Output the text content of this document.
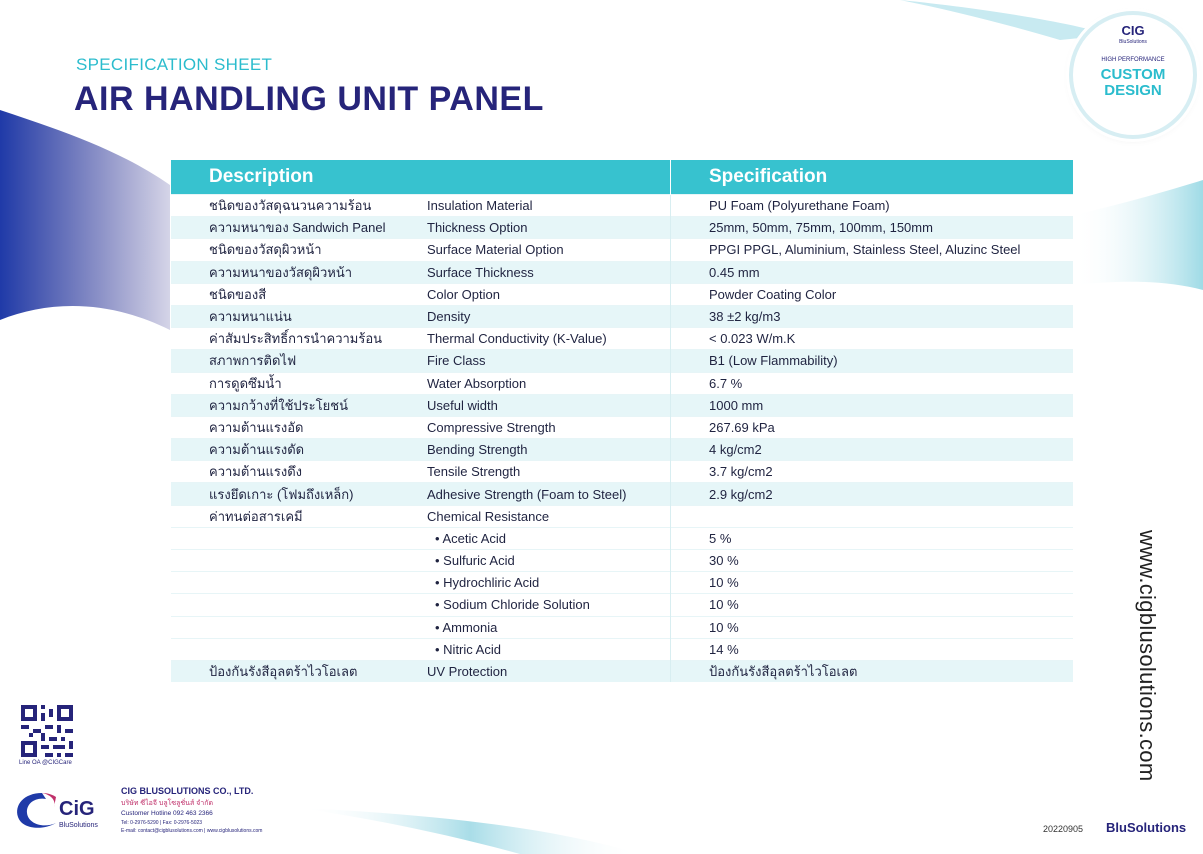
SPECIFICATION SHEET
AIR HANDLING UNIT PANEL
CIG
BluSolutions
HIGH PERFORMANCE
CUSTOM
DESIGN
Description		Specification
ชนิดของวัสดุฉนวนความร้อน	Insulation Material	PU Foam (Polyurethane Foam)
ความหนาของ Sandwich Panel	Thickness Option	25mm, 50mm, 75mm, 100mm, 150mm
ชนิดของวัสดุผิวหน้า	Surface Material Option	PPGI PPGL, Aluminium, Stainless Steel, Aluzinc Steel
ความหนาของวัสดุผิวหน้า	Surface Thickness	0.45 mm
ชนิดของสี	Color Option	Powder Coating Color
ความหนาแน่น	Density	38 ±2 kg/m3
ค่าสัมประสิทธิ์การนำความร้อน	Thermal Conductivity (K-Value)	< 0.023 W/m.K
สภาพการติดไฟ	Fire Class	B1 (Low Flammability)
การดูดซึมน้ำ	Water Absorption	6.7 %
ความกว้างที่ใช้ประโยชน์	Useful width	1000 mm
ความต้านแรงอัด	Compressive Strength	267.69 kPa
ความต้านแรงดัด	Bending Strength	4 kg/cm2
ความต้านแรงดึง	Tensile Strength	3.7 kg/cm2
แรงยึดเกาะ (โฟมถึงเหล็ก)	Adhesive Strength (Foam to Steel)	2.9 kg/cm2
ค่าทนต่อสารเคมี	Chemical Resistance	
	• Acetic Acid	5 %
	• Sulfuric Acid	30 %
	• Hydrochliric Acid	10 %
	• Sodium Chloride Solution	10 %
	• Ammonia	10 %
	• Nitric Acid	14 %
ป้องกันรังสีอุลตร้าไวโอเลต	UV Protection	ป้องกันรังสีอุลตร้าไวโอเลต	www.cigblusolutions.com
Line OA @CIGCare
CiG
BluSolutions
CIG BLUSOLUTIONS CO., LTD.
บริษัท ซีไอจี บลูโซลูชั่นส์ จำกัด
Customer Hotline 092 463 2366
Tel: 0-2976-5290 | Fax: 0-2976-5023
E-mail: contact@cigblusolutions.com | www.cigblusolutions.com	20220905 BluSolutions
